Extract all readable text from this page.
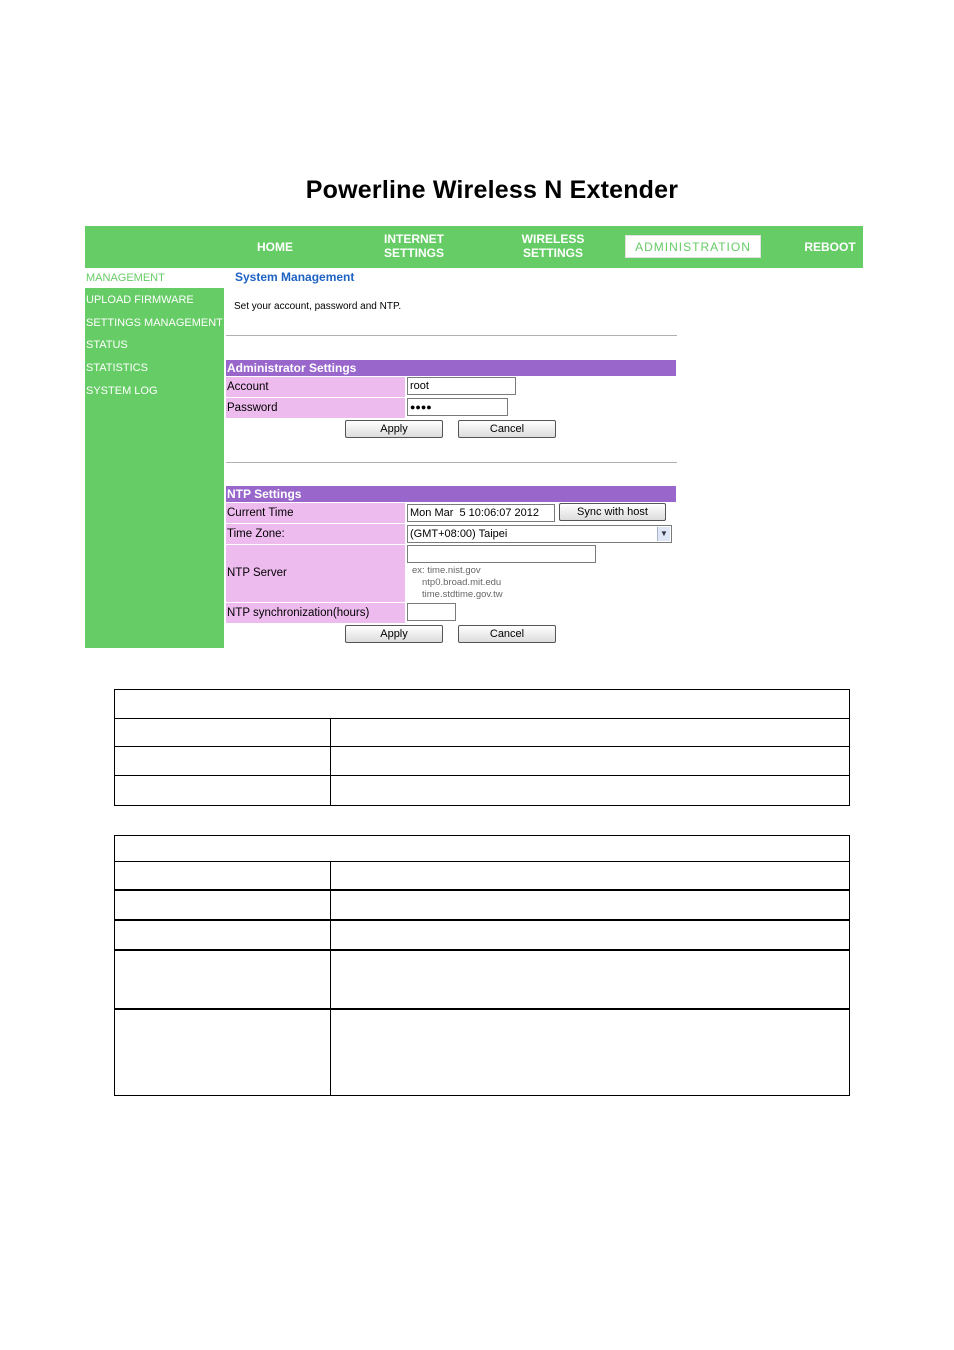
Powerline Wireless N Extender
HOME
INTERNET
SETTINGS
WIRELESS
SETTINGS	ADMINISTRATION	REBOOT
MANAGEMENT
UPLOAD FIRMWARE
SETTINGS MANAGEMENT
STATUS
STATISTICS
SYSTEM LOG
System Management
Set your account, password and NTP.
Administrator Settings
Account	root
Password	●●●●
Apply	Cancel
NTP Settings
Current Time	Mon Mar  5 10:06:07 2012	Sync with host
Time Zone:	(GMT+08:00) Taipei	▼
NTP Server	ex: time.nist.gov
ntp0.broad.mit.edu
time.stdtime.gov.tw
NTP synchronization(hours)
Apply	Cancel
